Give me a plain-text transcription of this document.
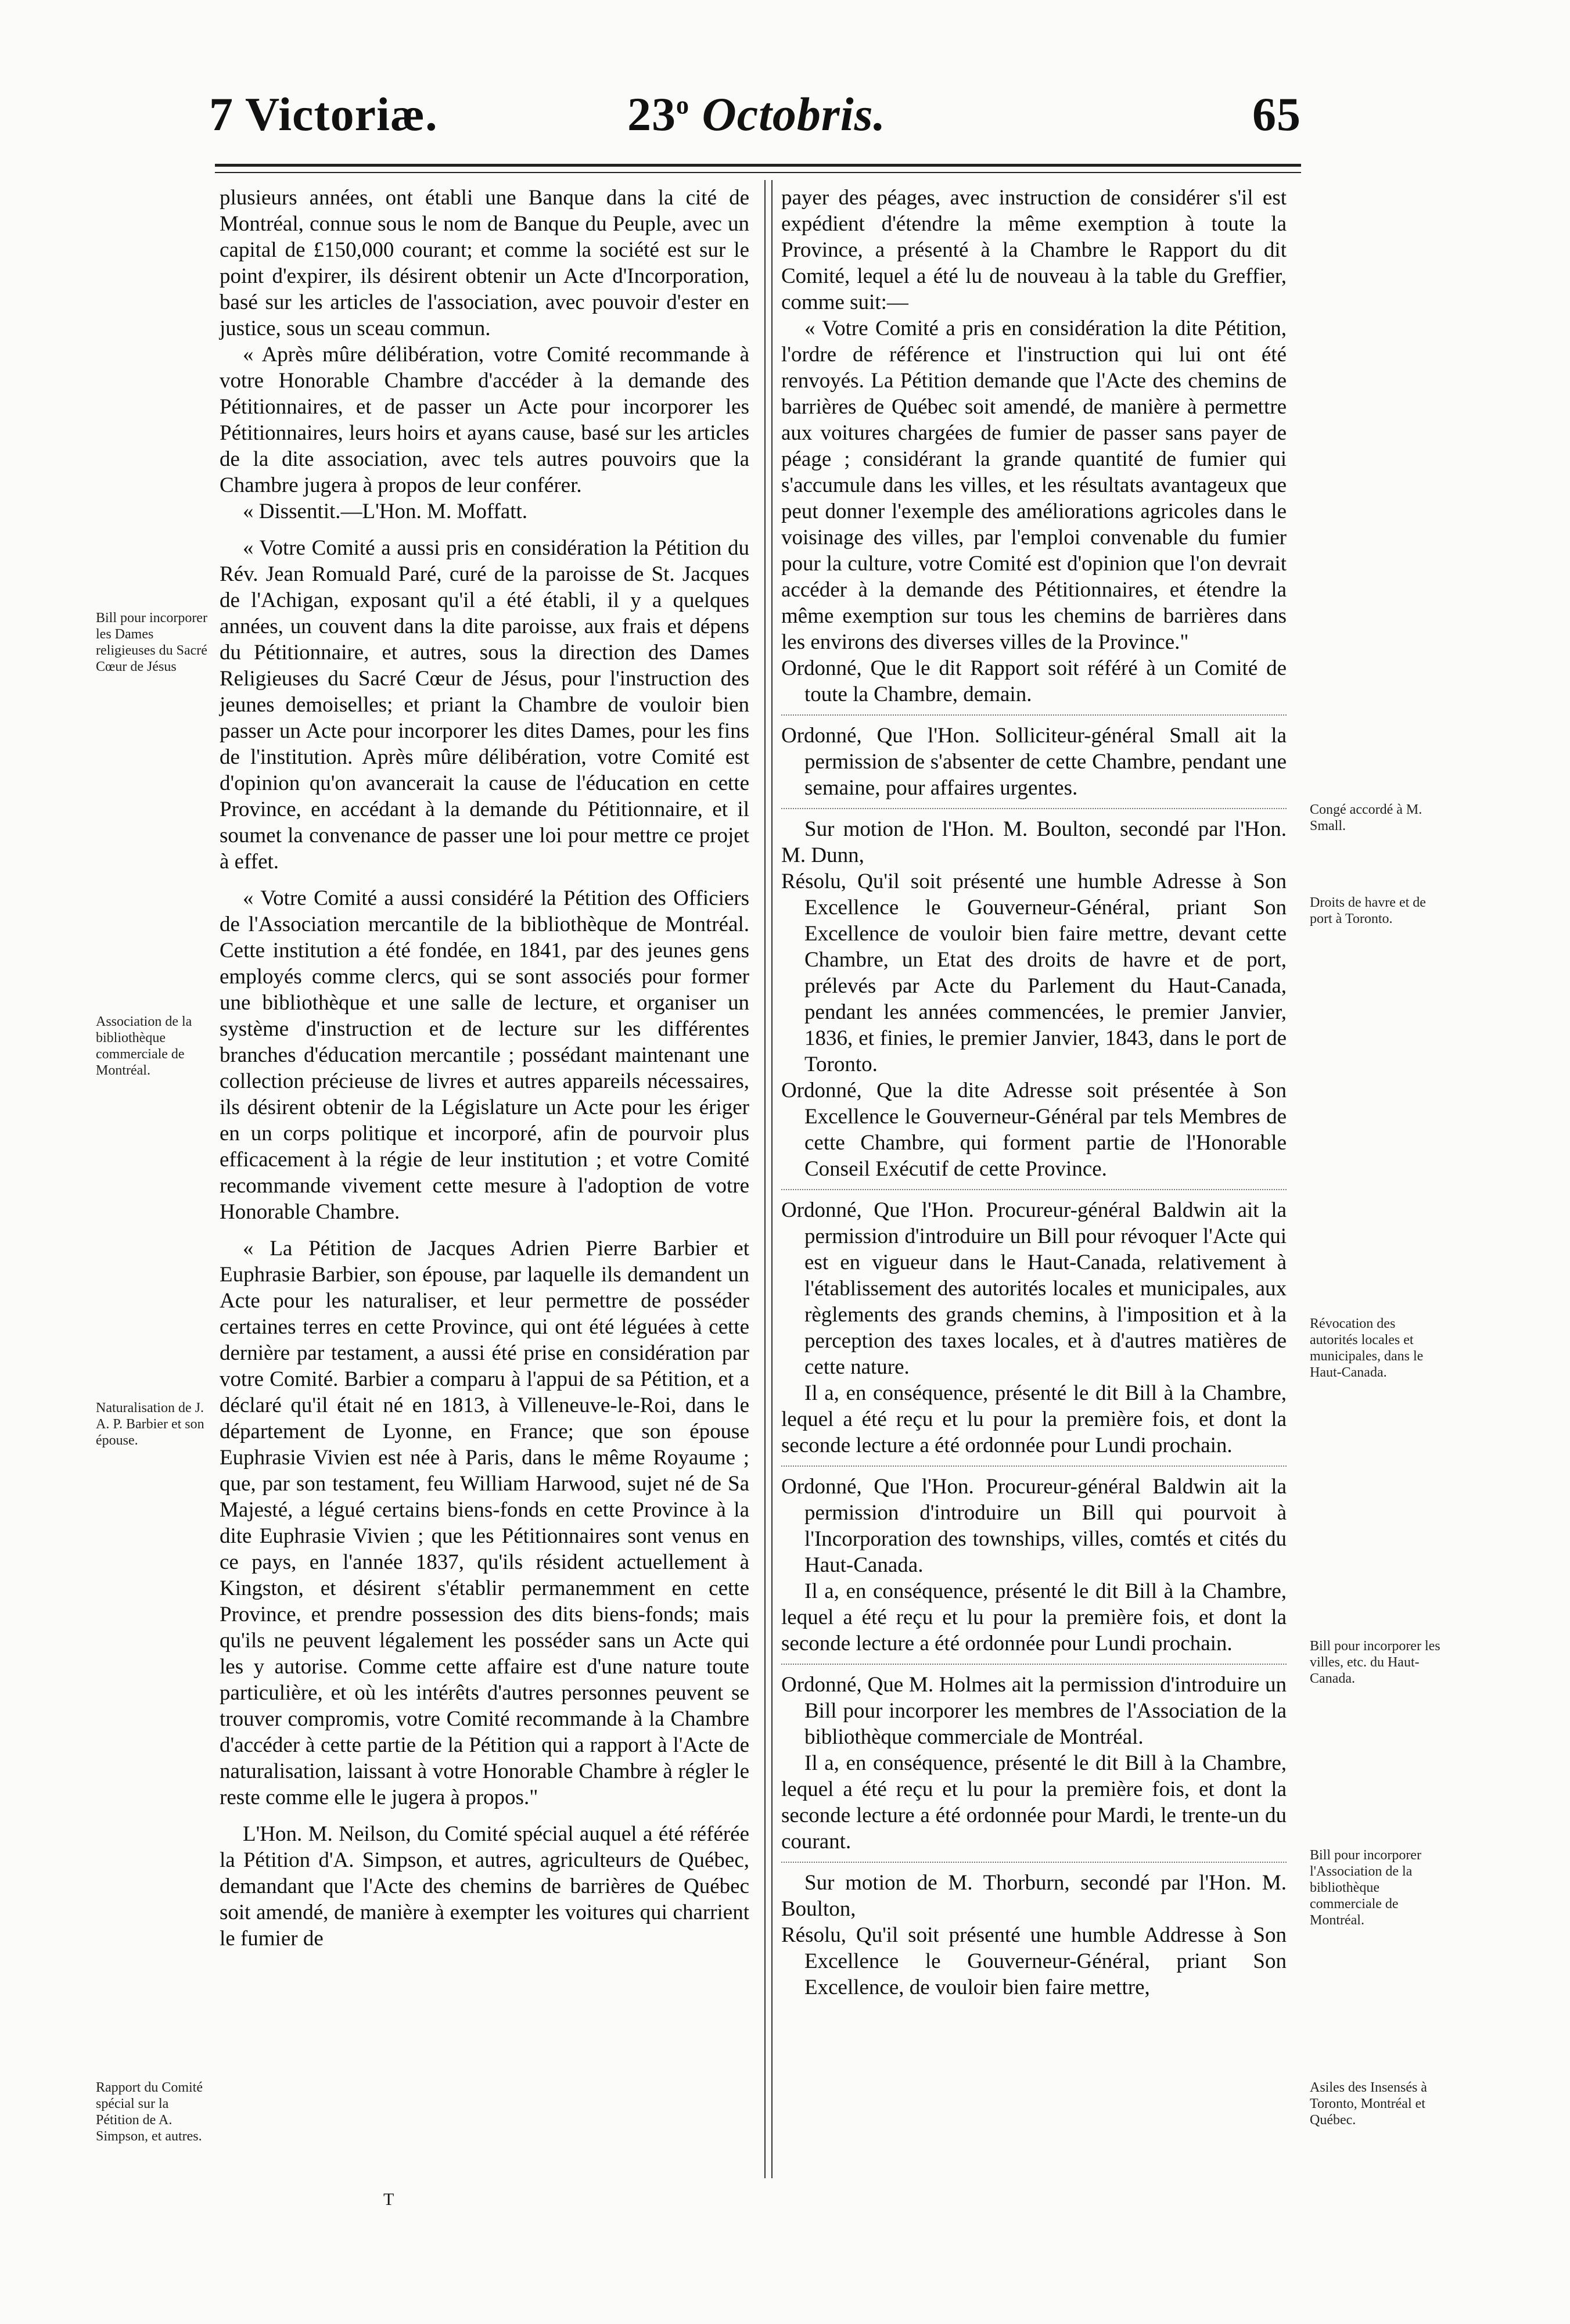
7 Victoriæ.	23$^o$ Octobris.	65

plusieurs années, ont établi une Banque dans la cité de Montréal, connue sous le nom de Banque du Peuple, avec un capital de £150,000 courant; et comme la société est sur le point d'expirer, ils désirent obtenir un Acte d'Incorporation, basé sur les articles de l'association, avec pouvoir d'ester en justice, sous un sceau commun.

« Après mûre délibération, votre Comité recommande à votre Honorable Chambre d'accéder à la demande des Pétitionnaires, et de passer un Acte pour incorporer les Pétitionnaires, leurs hoirs et ayans cause, basé sur les articles de la dite association, avec tels autres pouvoirs que la Chambre jugera à propos de leur conférer.

« Dissentit.—L'Hon. M. Moffatt.

« Votre Comité a aussi pris en considération la Pétition du Rév. Jean Romuald Paré, curé de la paroisse de St. Jacques de l'Achigan, exposant qu'il a été établi, il y a quelques années, un couvent dans la dite paroisse, aux frais et dépens du Pétitionnaire, et autres, sous la direction des Dames Religieuses du Sacré Cœur de Jésus, pour l'instruction des jeunes demoiselles; et priant la Chambre de vouloir bien passer un Acte pour incorporer les dites Dames, pour les fins de l'institution. Après mûre délibération, votre Comité est d'opinion qu'on avancerait la cause de l'éducation en cette Province, en accédant à la demande du Pétitionnaire, et il soumet la convenance de passer une loi pour mettre ce projet à effet.

« Votre Comité a aussi considéré la Pétition des Officiers de l'Association mercantile de la bibliothèque de Montréal. Cette institution a été fondée, en 1841, par des jeunes gens employés comme clercs, qui se sont associés pour former une bibliothèque et une salle de lecture, et organiser un système d'instruction et de lecture sur les différentes branches d'éducation mercantile ; possédant maintenant une collection précieuse de livres et autres appareils nécessaires, ils désirent obtenir de la Législature un Acte pour les ériger en un corps politique et incorporé, afin de pourvoir plus efficacement à la régie de leur institution ; et votre Comité recommande vivement cette mesure à l'adoption de votre Honorable Chambre.

« La Pétition de Jacques Adrien Pierre Barbier et Euphrasie Barbier, son épouse, par laquelle ils demandent un Acte pour les naturaliser, et leur permettre de posséder certaines terres en cette Province, qui ont été léguées à cette dernière par testament, a aussi été prise en considération par votre Comité. Barbier a comparu à l'appui de sa Pétition, et a déclaré qu'il était né en 1813, à Villeneuve-le-Roi, dans le département de Lyonne, en France; que son épouse Euphrasie Vivien est née à Paris, dans le même Royaume ; que, par son testament, feu William Harwood, sujet né de Sa Majesté, a légué certains biens-fonds en cette Province à la dite Euphrasie Vivien ; que les Pétitionnaires sont venus en ce pays, en l'année 1837, qu'ils résident actuellement à Kingston, et désirent s'établir permanemment en cette Province, et prendre possession des dits biens-fonds; mais qu'ils ne peuvent légalement les posséder sans un Acte qui les y autorise. Comme cette affaire est d'une nature toute particulière, et où les intérêts d'autres personnes peuvent se trouver compromis, votre Comité recommande à la Chambre d'accéder à cette partie de la Pétition qui a rapport à l'Acte de naturalisation, laissant à votre Honorable Chambre à régler le reste comme elle le jugera à propos."

L'Hon. M. Neilson, du Comité spécial auquel a été référée la Pétition d'A. Simpson, et autres, agriculteurs de Québec, demandant que l'Acte des chemins de barrières de Québec soit amendé, de manière à exempter les voitures qui charrient le fumier de

payer des péages, avec instruction de considérer s'il est expédient d'étendre la même exemption à toute la Province, a présenté à la Chambre le Rapport du dit Comité, lequel a été lu de nouveau à la table du Greffier, comme suit:—

« Votre Comité a pris en considération la dite Pétition, l'ordre de référence et l'instruction qui lui ont été renvoyés. La Pétition demande que l'Acte des chemins de barrières de Québec soit amendé, de manière à permettre aux voitures chargées de fumier de passer sans payer de péage ; considérant la grande quantité de fumier qui s'accumule dans les villes, et les résultats avantageux que peut donner l'exemple des améliorations agricoles dans le voisinage des villes, par l'emploi convenable du fumier pour la culture, votre Comité est d'opinion que l'on devrait accéder à la demande des Pétitionnaires, et étendre la même exemption sur tous les chemins de barrières dans les environs des diverses villes de la Province."

Ordonné, Que le dit Rapport soit référé à un Comité de toute la Chambre, demain.

Ordonné, Que l'Hon. Solliciteur-général Small ait la permission de s'absenter de cette Chambre, pendant une semaine, pour affaires urgentes.

Sur motion de l'Hon. M. Boulton, secondé par l'Hon. M. Dunn,

Résolu, Qu'il soit présenté une humble Adresse à Son Excellence le Gouverneur-Général, priant Son Excellence de vouloir bien faire mettre, devant cette Chambre, un Etat des droits de havre et de port, prélevés par Acte du Parlement du Haut-Canada, pendant les années commencées, le premier Janvier, 1836, et finies, le premier Janvier, 1843, dans le port de Toronto.

Ordonné, Que la dite Adresse soit présentée à Son Excellence le Gouverneur-Général par tels Membres de cette Chambre, qui forment partie de l'Honorable Conseil Exécutif de cette Province.

Ordonné, Que l'Hon. Procureur-général Baldwin ait la permission d'introduire un Bill pour révoquer l'Acte qui est en vigueur dans le Haut-Canada, relativement à l'établissement des autorités locales et municipales, aux règlements des grands chemins, à l'imposition et à la perception des taxes locales, et à d'autres matières de cette nature.

Il a, en conséquence, présenté le dit Bill à la Chambre, lequel a été reçu et lu pour la première fois, et dont la seconde lecture a été ordonnée pour Lundi prochain.

Ordonné, Que l'Hon. Procureur-général Baldwin ait la permission d'introduire un Bill qui pourvoit à l'Incorporation des townships, villes, comtés et cités du Haut-Canada.

Il a, en conséquence, présenté le dit Bill à la Chambre, lequel a été reçu et lu pour la première fois, et dont la seconde lecture a été ordonnée pour Lundi prochain.

Ordonné, Que M. Holmes ait la permission d'introduire un Bill pour incorporer les membres de l'Association de la bibliothèque commerciale de Montréal.

Il a, en conséquence, présenté le dit Bill à la Chambre, lequel a été reçu et lu pour la première fois, et dont la seconde lecture a été ordonnée pour Mardi, le trente-un du courant.

Sur motion de M. Thorburn, secondé par l'Hon. M. Boulton,

Résolu, Qu'il soit présenté une humble Addresse à Son Excellence le Gouverneur-Général, priant Son Excellence, de vouloir bien faire mettre,

Bill pour incorporer les Dames religieuses du Sacré Cœur de Jésus
Association de la bibliothèque commerciale de Montréal.
Naturalisation de J. A. P. Barbier et son épouse.
Rapport du Comité spécial sur la Pétition de A. Simpson, et autres.
Congé accordé à M. Small.
Droits de havre et de port à Toronto.
Révocation des autorités locales et municipales, dans le Haut-Canada.
Bill pour incorporer les villes, etc. du Haut-Canada.
Bill pour incorporer l'Association de la bibliothèque commerciale de Montréal.
Asiles des Insensés à Toronto, Montréal et Québec.
T
